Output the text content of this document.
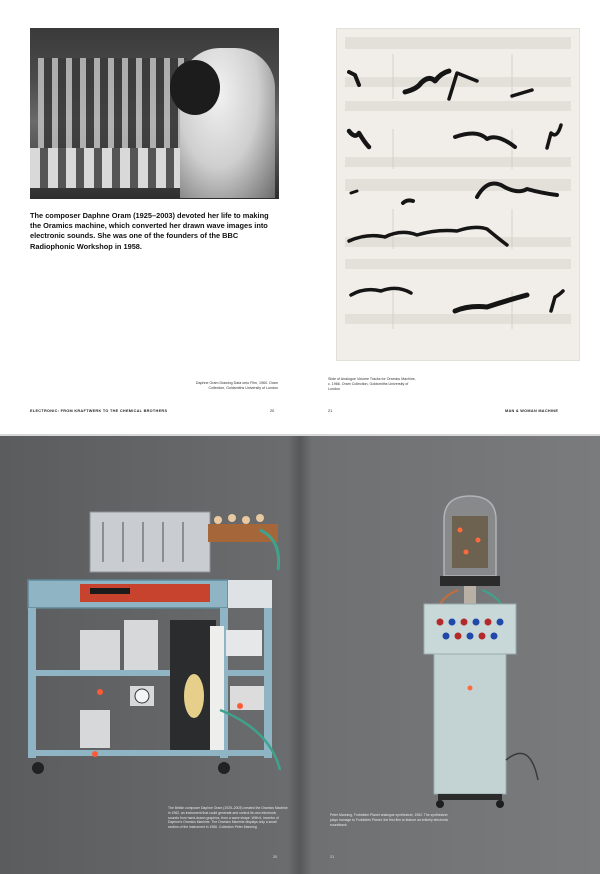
The composer Daphne Oram (1925–2003) devoted her life to making the Oramics machine, which converted her drawn wave images into electronic sounds. She was one of the founders of the BBC Radiophonic Workshop in 1958.
Daphne Oram Drawing Data onto Film, 1960. Oram Collection, Goldsmiths University of London
Slide of Analogue Volume Tracks for Oramics Machine, c. 1966. Oram Collection, Goldsmiths University of London
ELECTRONIC: FROM KRAFTWERK TO THE CHEMICAL BROTHERS	20	21	MAN & WOMAN MACHINE
The British composer Daphne Oram (1925–2003) created the Oramics Machine in 1962, an instrument that could generate and control its own electronic sounds from hand-drawn graphics, from a wave shape. With it, inventor of Daphne's Oramics Machine. The Oramics Machine displays only a small section of the instrument in 1966. Collection Peter Manning
Peter Manning, Forbidden Planet analogue synthesizer, 1962. The synthesizer plays homage to Forbidden Planet, the first film to feature an entirely electronic soundtrack.
20	21
